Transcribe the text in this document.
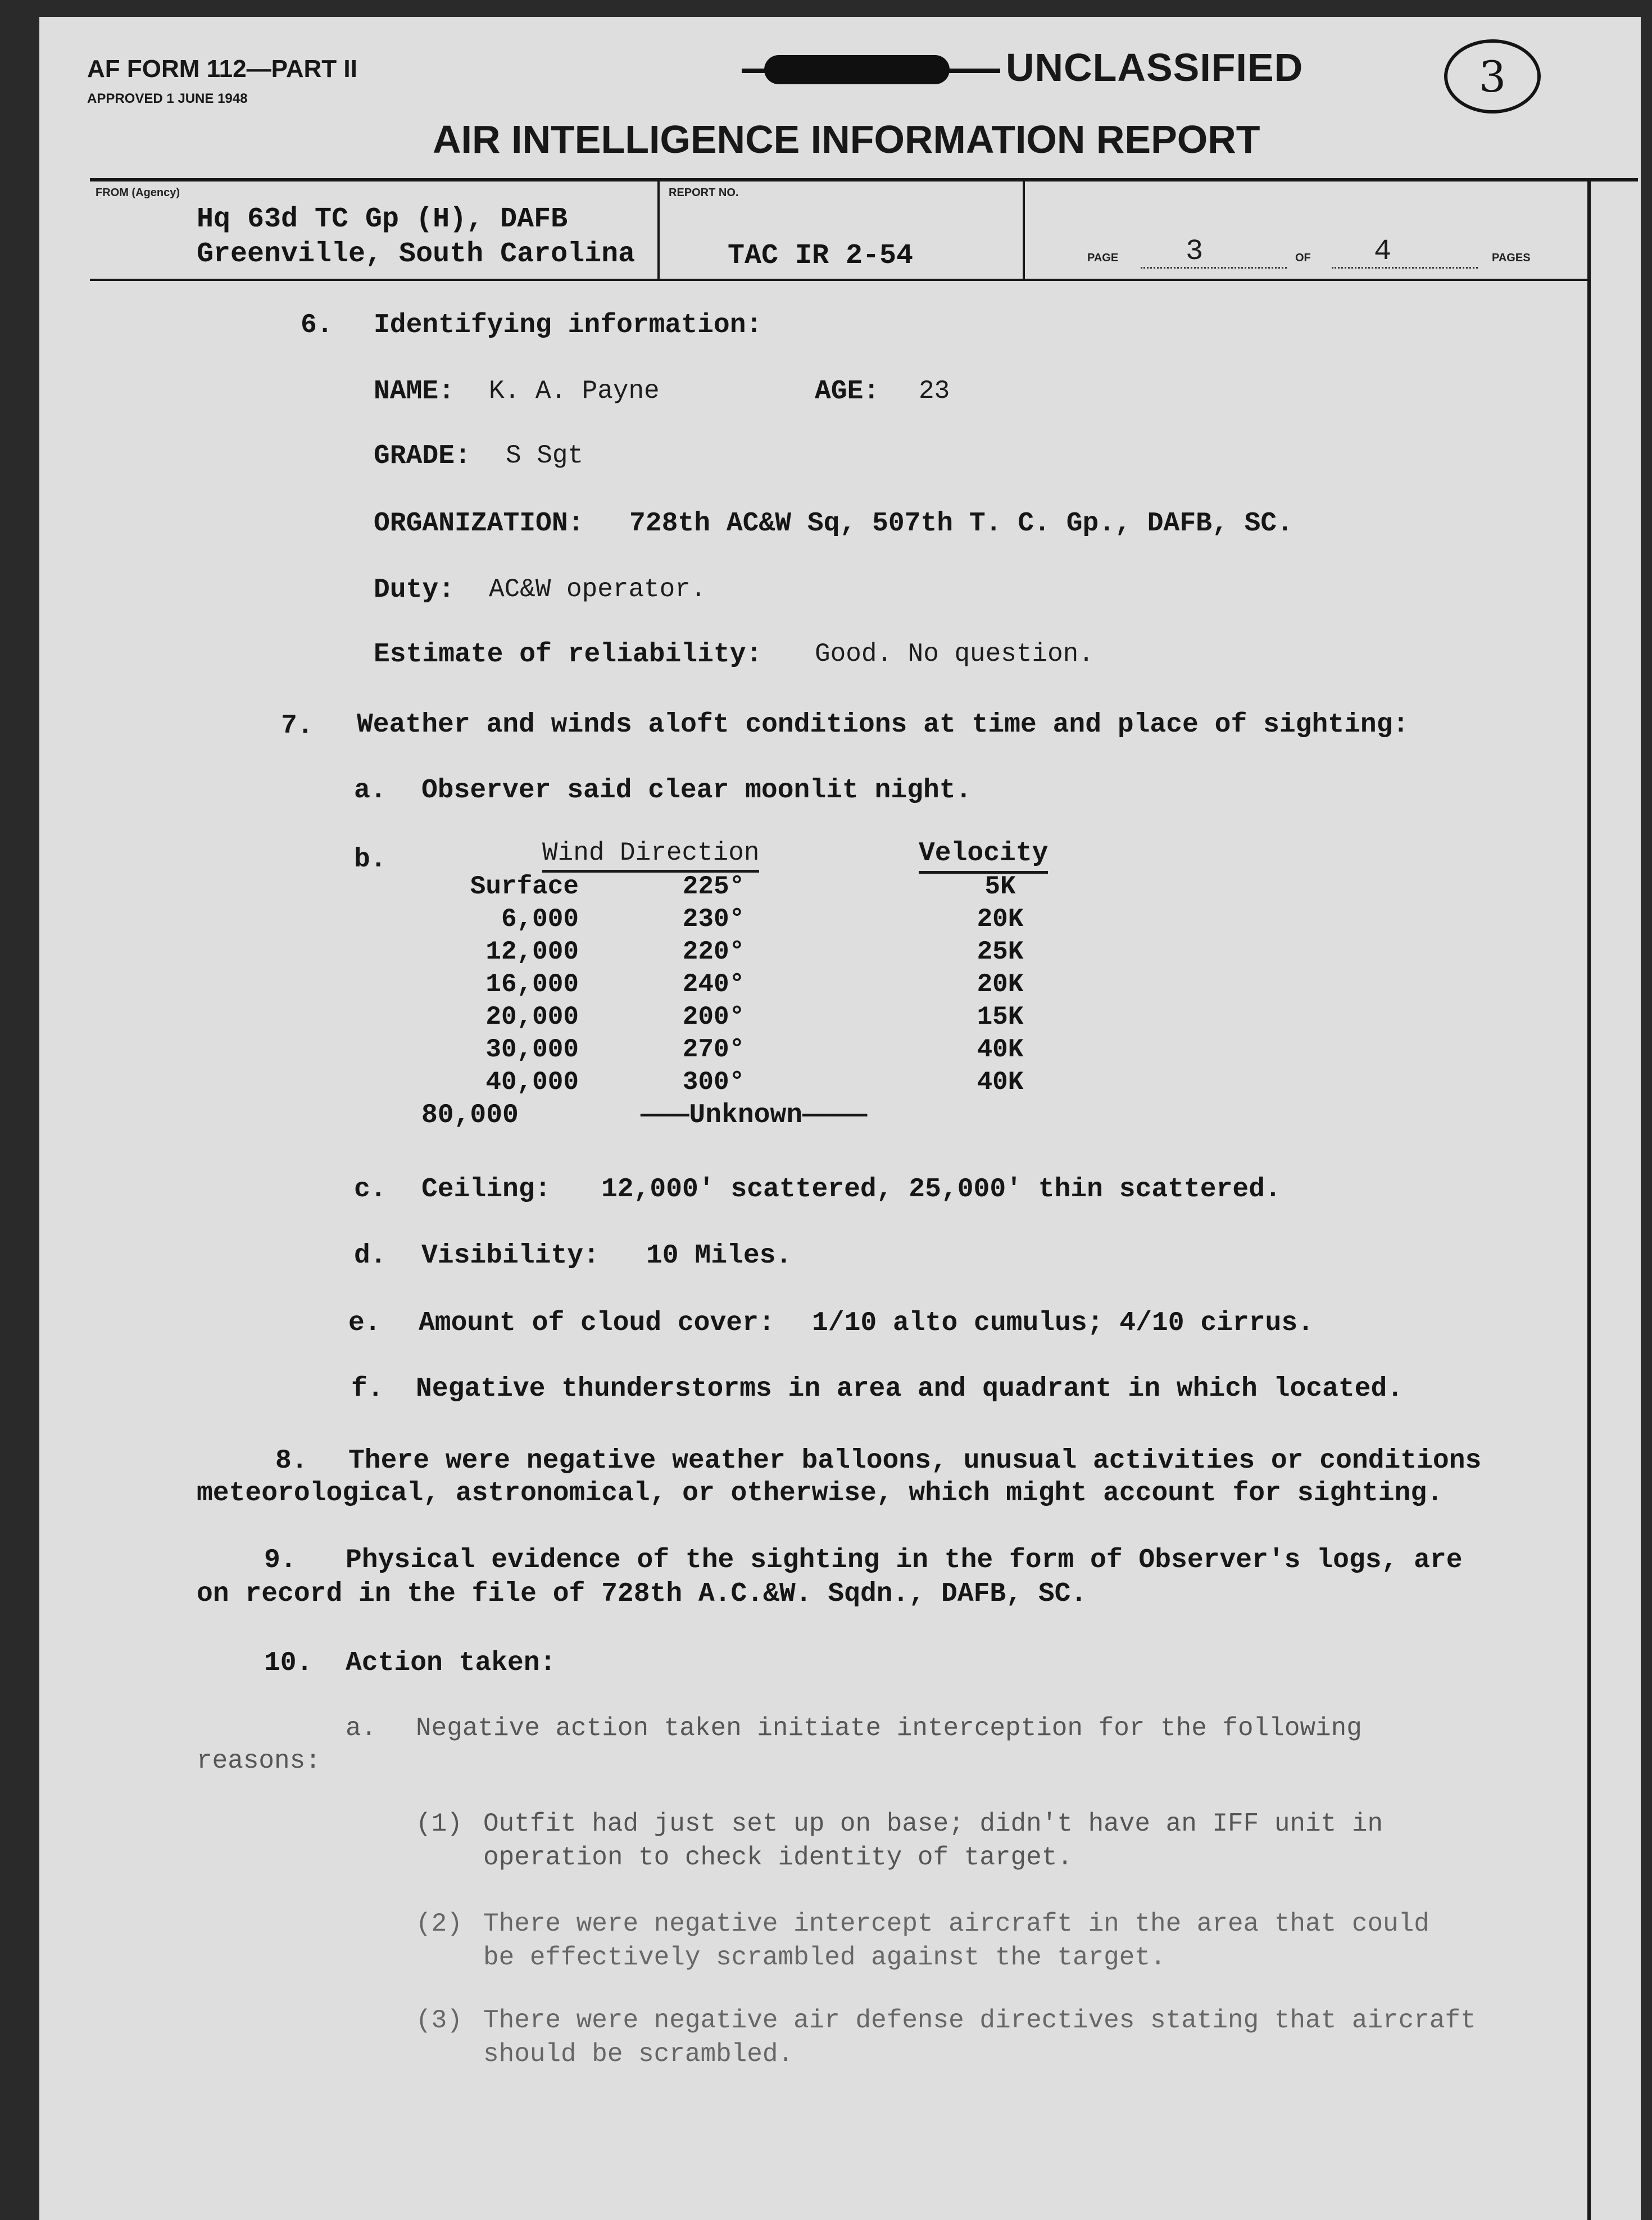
AF FORM 112—PART II
APPROVED 1 JUNE 1948
UNCLASSIFIED	3
AIR INTELLIGENCE INFORMATION REPORT
FROM (Agency)
Hq 63d TC Gp (H), DAFB
Greenville, South Carolina
REPORT NO.
TAC IR 2-54	PAGE 3	OF 4	PAGES
6. Identifying information:
NAME: K. A. Payne	AGE: 23
GRADE: S Sgt
ORGANIZATION: 728th AC&W Sq, 507th T. C. Gp., DAFB, SC.
Duty: AC&W operator.
Estimate of reliability: Good. No question.
7. Weather and winds aloft conditions at time and place of sighting:
a. Observer said clear moonlit night.
b.	Wind Direction	Velocity
Surface	225°	5K
6,000	230°	20K
12,000	220°	25K
16,000	240°	20K
20,000	200°	15K
30,000	270°	40K
40,000	300°	40K
80,000	———Unknown————
c. Ceiling: 12,000' scattered, 25,000' thin scattered.
d. Visibility: 10 Miles.
e. Amount of cloud cover: 1/10 alto cumulus; 4/10 cirrus.
f. Negative thunderstorms in area and quadrant in which located.
8. There were negative weather balloons, unusual activities or conditions
meteorological, astronomical, or otherwise, which might account for sighting.
9. Physical evidence of the sighting in the form of Observer's logs, are
on record in the file of 728th A.C.&W. Sqdn., DAFB, SC.
10. Action taken:
a. Negative action taken initiate interception for the following
reasons:
(1) Outfit had just set up on base; didn't have an IFF unit in
operation to check identity of target.
(2) There were negative intercept aircraft in the area that could
be effectively scrambled against the target.
(3) There were negative air defense directives stating that aircraft
should be scrambled.
